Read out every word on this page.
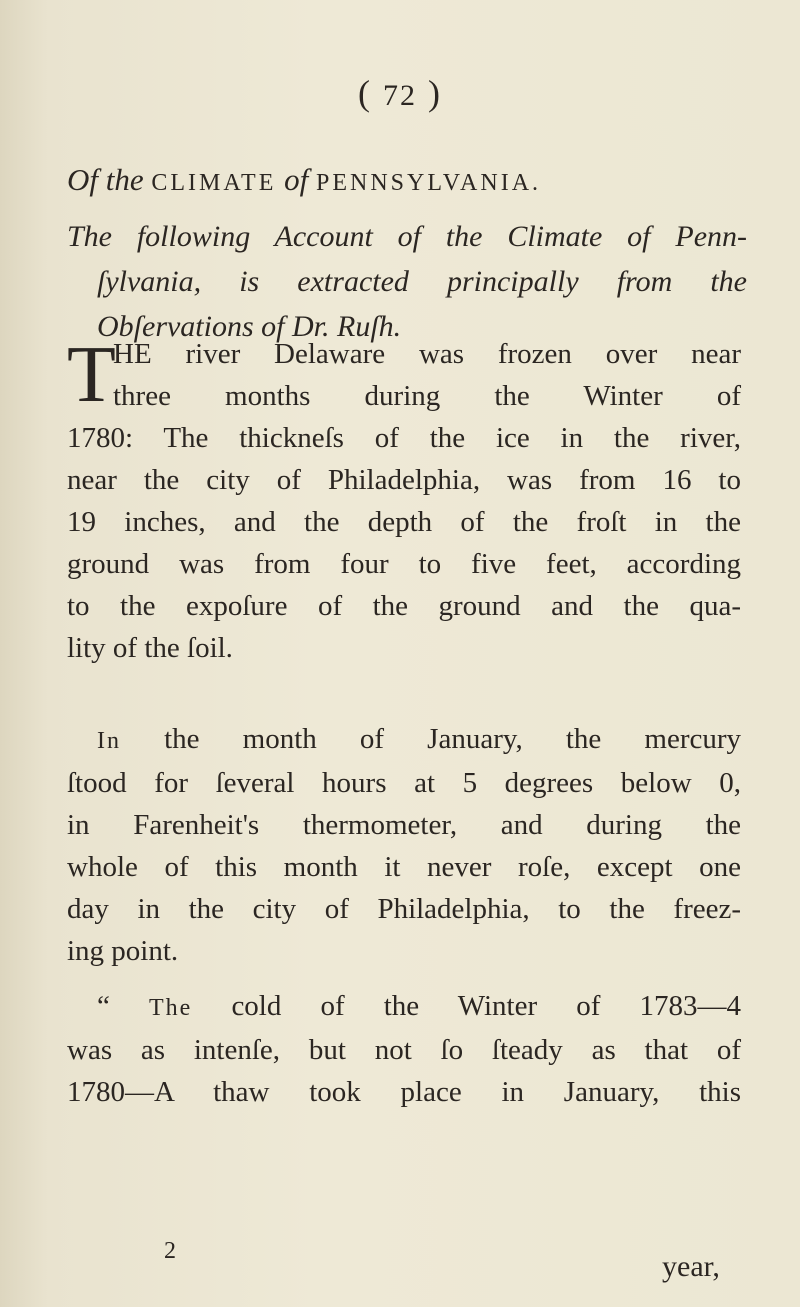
( 72 )
Of the CLIMATE of PENNSYLVANIA.
The following Account of the Climate of Penn-
ſylvania, is extracted principally from the
Obſervations of Dr. Ruſh.
T
HE river Delaware was frozen over near
three months during the Winter of
1780: The thickneſs of the ice in the river,
near the city of Philadelphia, was from 16 to
19 inches, and the depth of the froſt in the
ground was from four to five feet, according
to the expoſure of the ground and the qua-
lity of the ſoil.
In the month of January, the mercury
ſtood for ſeveral hours at 5 degrees below 0,
in Farenheit's thermometer, and during the
whole of this month it never roſe, except one
day in the city of Philadelphia, to the freez-
ing point.
“ The cold of the Winter of 1783—4
was as intenſe, but not ſo ſteady as that of
1780—A thaw took place in January, this
2	year,
